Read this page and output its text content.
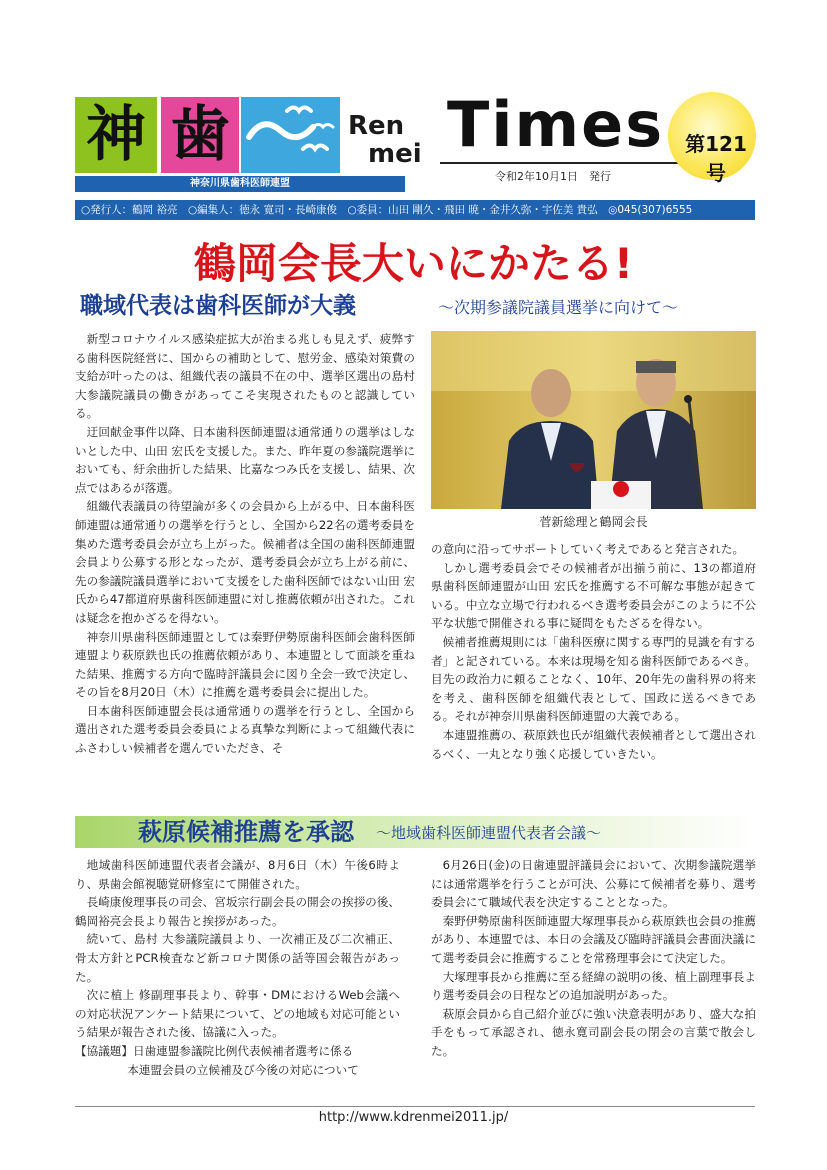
神 歯
神奈川県歯科医師連盟
Ren
mei Times
令和2年10月1日　発行
第121号
○発行人：鶴岡 裕亮　○編集人：徳永 寛司・長崎康俊　○委員：山田 剛久・飛田 暁・金井久弥・宇佐美 貴弘　◎045(307)6555
鶴岡会長大いにかたる!
職域代表は歯科医師が大義	〜次期参議院議員選挙に向けて〜
菅新総理と鶴岡会長

新型コロナウイルス感染症拡大が治まる兆しも見えず、疲弊する歯科医院経営に、国からの補助として、慰労金、感染対策費の支給が叶ったのは、組織代表の議員不在の中、選挙区選出の島村 大参議院議員の働きがあってこそ実現されたものと認識している。

迂回献金事件以降、日本歯科医師連盟は通常通りの選挙はしないとした中、山田 宏氏を支援した。また、昨年夏の参議院選挙においても、紆余曲折した結果、比嘉なつみ氏を支援し、結果、次点ではあるが落選。

組織代表議員の待望論が多くの会員から上がる中、日本歯科医師連盟は通常通りの選挙を行うとし、全国から22名の選考委員を集めた選考委員会が立ち上がった。候補者は全国の歯科医師連盟会員より公募する形となったが、選考委員会が立ち上がる前に、先の参議院議員選挙において支援をした歯科医師ではない山田 宏氏から47都道府県歯科医師連盟に対し推薦依頼が出された。これは疑念を抱かざるを得ない。

神奈川県歯科医師連盟としては秦野伊勢原歯科医師会歯科医師連盟より萩原鉄也氏の推薦依頼があり、本連盟として面談を重ねた結果、推薦する方向で臨時評議員会に図り全会一致で決定し、その旨を8月20日（木）に推薦を選考委員会に提出した。

日本歯科医師連盟会長は通常通りの選挙を行うとし、全国から選出された選考委員会委員による真摯な判断によって組織代表にふさわしい候補者を選んでいただき、そ

の意向に沿ってサポートしていく考えであると発言された。

しかし選考委員会でその候補者が出揃う前に、13の都道府県歯科医師連盟が山田 宏氏を推薦する不可解な事態が起きている。中立な立場で行われるべき選考委員会がこのように不公平な状態で開催される事に疑問をもたざるを得ない。

候補者推薦規則には「歯科医療に関する専門的見識を有する者」と記されている。本来は現場を知る歯科医師であるべき。目先の政治力に頼ることなく、10年、20年先の歯科界の将来を考え、歯科医師を組織代表として、国政に送るべきである。それが神奈川県歯科医師連盟の大義である。

本連盟推薦の、萩原鉄也氏が組織代表候補者として選出されるべく、一丸となり強く応援していきたい。

萩原候補推薦を承認 〜地域歯科医師連盟代表者会議〜

地域歯科医師連盟代表者会議が、8月6日（木）午後6時より、県歯会館視聴覚研修室にて開催された。

長崎康俊理事長の司会、宮坂宗行副会長の開会の挨拶の後、鶴岡裕亮会長より報告と挨拶があった。

続いて、島村 大参議院議員より、一次補正及び二次補正、骨太方針とPCR検査など新コロナ関係の話等国会報告があった。

次に植上 修副理事長より、幹事・DMにおけるWeb会議への対応状況アンケート結果について、どの地域も対応可能という結果が報告された後、協議に入った。

【協議題】日歯連盟参議院比例代表候補者選考に係る

本連盟会員の立候補及び今後の対応について

6月26日(金)の日歯連盟評議員会において、次期参議院選挙には通常選挙を行うことが可決、公募にて候補者を募り、選考委員会にて職域代表を決定することとなった。

秦野伊勢原歯科医師連盟大塚理事長から萩原鉄也会員の推薦があり、本連盟では、本日の会議及び臨時評議員会書面決議にて選考委員会に推薦することを常務理事会にて決定した。

大塚理事長から推薦に至る経緯の説明の後、植上副理事長より選考委員会の日程などの追加説明があった。

萩原会員から自己紹介並びに強い決意表明があり、盛大な拍手をもって承認され、徳永寛司副会長の閉会の言葉で散会した。

http://www.kdrenmei2011.jp/
